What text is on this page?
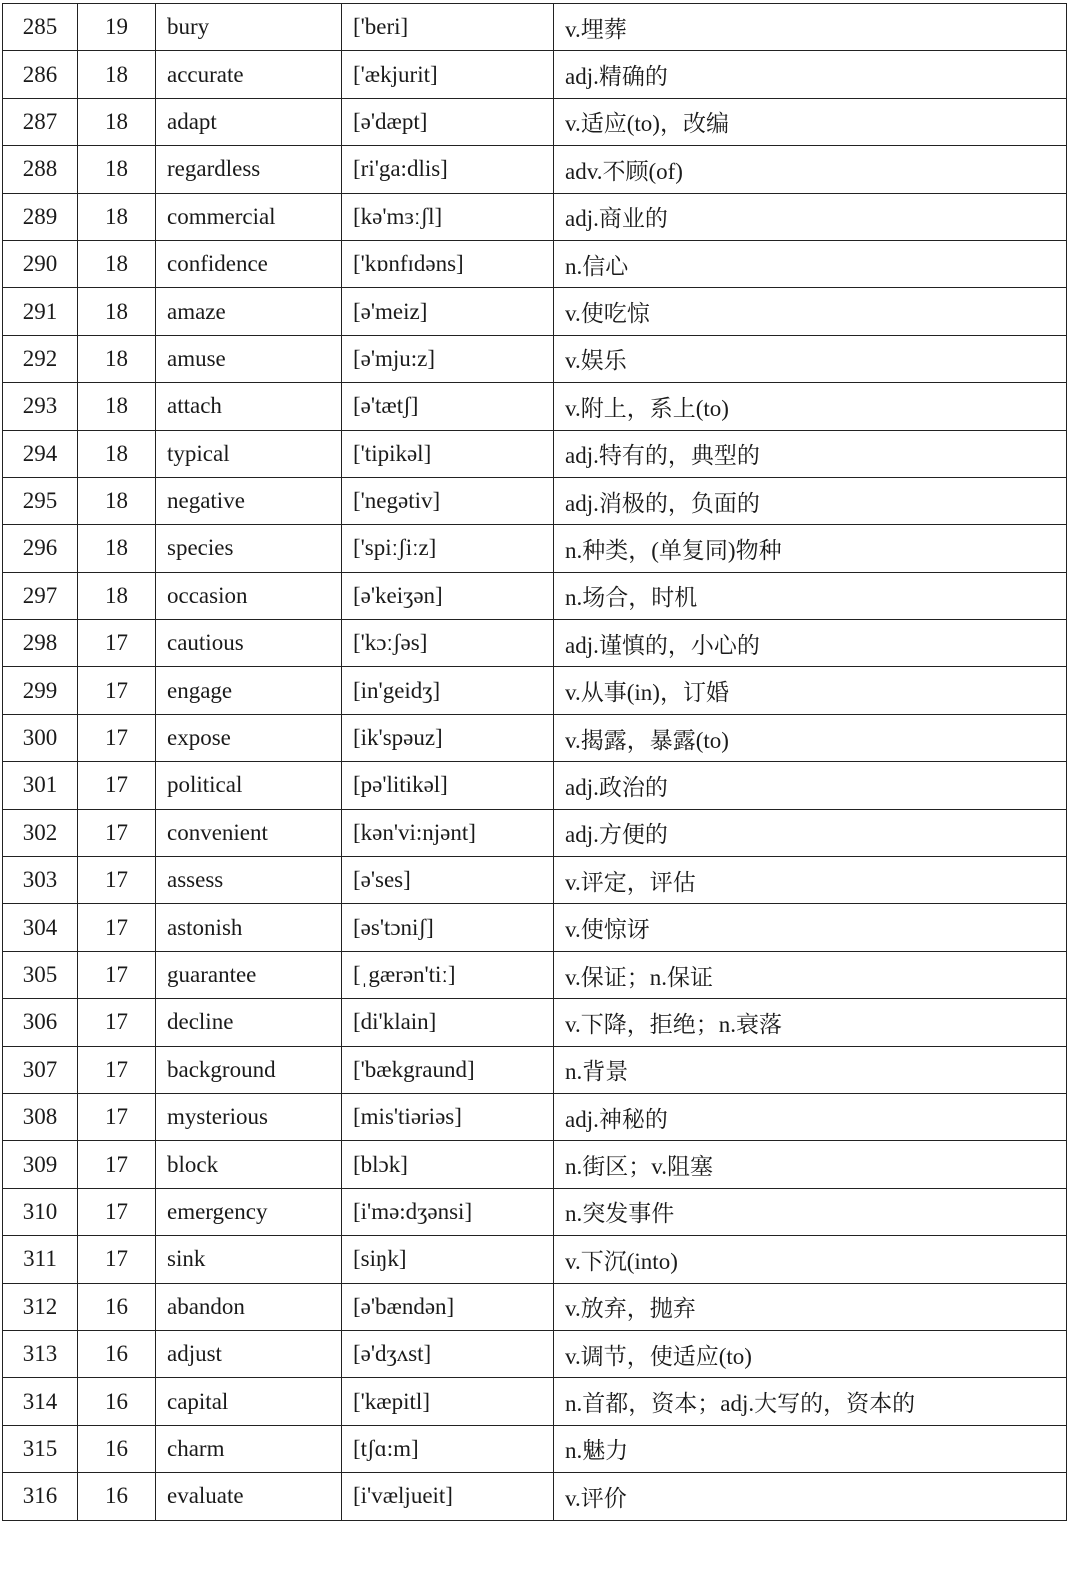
285	19	bury	['beri]	v.埋葬
286	18	accurate	['ækjurit]	adj.精确的
287	18	adapt	[ə'dæpt]	v.适应(to)，改编
288	18	regardless	[ri'ga:dlis]	adv.不顾(of)
289	18	commercial	[kə'mɜːʃl]	adj.商业的
290	18	confidence	['kɒnfɪdəns]	n.信心
291	18	amaze	[ə'meiz]	v.使吃惊
292	18	amuse	[ə'mju:z]	v.娱乐
293	18	attach	[ə'tætʃ]	v.附上，系上(to)
294	18	typical	['tipikəl]	adj.特有的，典型的
295	18	negative	['negətiv]	adj.消极的，负面的
296	18	species	['spiːʃiːz]	n.种类，(单复同)物种
297	18	occasion	[ə'keiʒən]	n.场合，时机
298	17	cautious	['kɔːʃəs]	adj.谨慎的，小心的
299	17	engage	[in'geidʒ]	v.从事(in)，订婚
300	17	expose	[ik'spəuz]	v.揭露，暴露(to)
301	17	political	[pə'litikəl]	adj.政治的
302	17	convenient	[kən'vi:njənt]	adj.方便的
303	17	assess	[ə'ses]	v.评定，评估
304	17	astonish	[əs'tɔniʃ]	v.使惊讶
305	17	guarantee	[ˌgærən'tiː]	v.保证；n.保证
306	17	decline	[di'klain]	v.下降，拒绝；n.衰落
307	17	background	['bækgraund]	n.背景
308	17	mysterious	[mis'tiəriəs]	adj.神秘的
309	17	block	[blɔk]	n.街区；v.阻塞
310	17	emergency	[i'mə:dʒənsi]	n.突发事件
311	17	sink	[siŋk]	v.下沉(into)
312	16	abandon	[ə'bændən]	v.放弃，抛弃
313	16	adjust	[ə'dʒʌst]	v.调节，使适应(to)
314	16	capital	['kæpitl]	n.首都，资本；adj.大写的，资本的
315	16	charm	[tʃɑ:m]	n.魅力
316	16	evaluate	[i'væljueit]	v.评价
